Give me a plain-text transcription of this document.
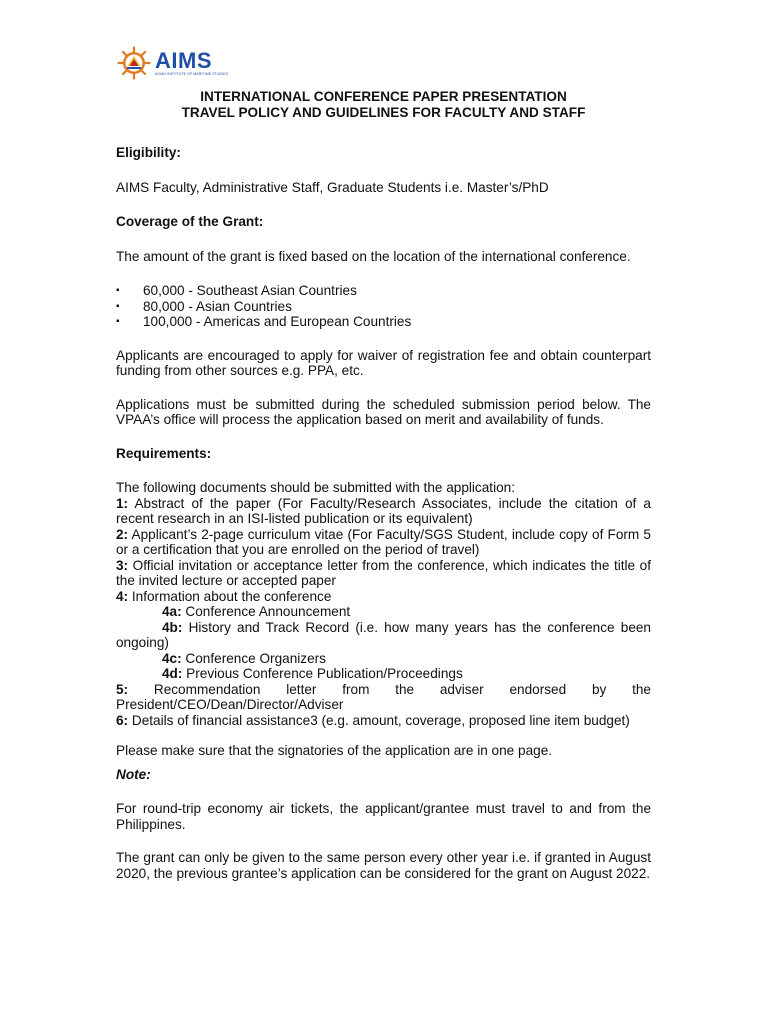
AIMS
ASIAN INSTITUTE OF MARITIME STUDIES
INTERNATIONAL CONFERENCE PAPER PRESENTATION
TRAVEL POLICY AND GUIDELINES FOR FACULTY AND STAFF
Eligibility:
AIMS Faculty, Administrative Staff, Graduate Students i.e. Master’s/PhD
Coverage of the Grant:
The amount of the grant is fixed based on the location of the international conference.
▪ 60,000 - Southeast Asian Countries
▪ 80,000 - Asian Countries
▪ 100,000 - Americas and European Countries
Applicants are encouraged to apply for waiver of registration fee and obtain counterpart funding from other sources e.g. PPA, etc.
Applications must be submitted during the scheduled submission period below. The VPAA’s office will process the application based on merit and availability of funds.
Requirements:
The following documents should be submitted with the application:
1: Abstract of the paper (For Faculty/Research Associates, include the citation of a recent research in an ISI-listed publication or its equivalent)
2: Applicant’s 2-page curriculum vitae (For Faculty/SGS Student, include copy of Form 5 or a certification that you are enrolled on the period of travel)
3: Official invitation or acceptance letter from the conference, which indicates the title of the invited lecture or accepted paper
4: Information about the conference
4a: Conference Announcement
4b: History and Track Record (i.e. how many years has the conference been ongoing)
4c: Conference Organizers
4d: Previous Conference Publication/Proceedings
5: Recommendation letter from the adviser endorsed by the President/CEO/Dean/Director/Adviser
6: Details of financial assistance3 (e.g. amount, coverage, proposed line item budget)
Please make sure that the signatories of the application are in one page.
Note:
For round-trip economy air tickets, the applicant/grantee must travel to and from the Philippines.
The grant can only be given to the same person every other year i.e. if granted in August 2020, the previous grantee’s application can be considered for the grant on August 2022.
